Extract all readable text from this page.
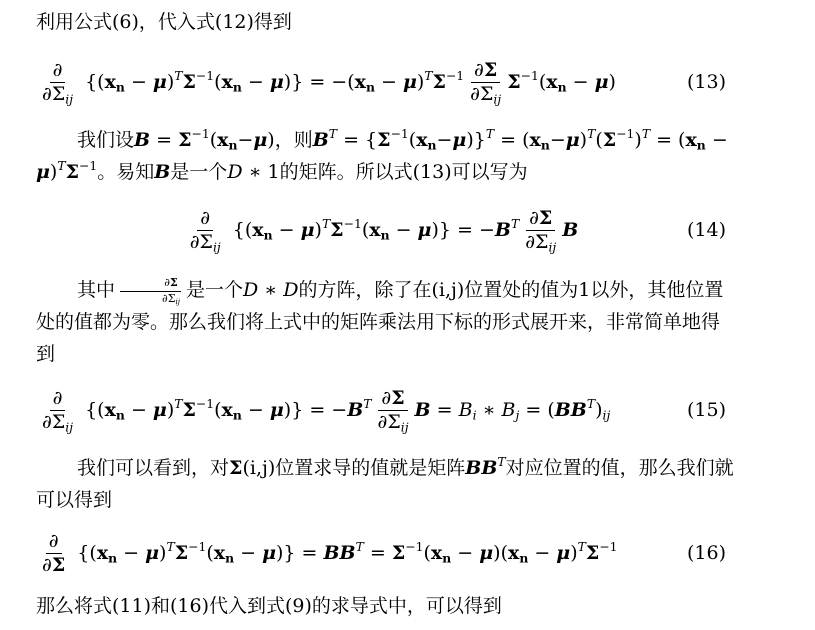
利用公式(6)，代入式(12)得到

$\frac{\partial}{\partial\Sigma_{ij}} \{(x_n - \mu)^T\Sigma^{-1}(x_n - \mu)\} = -(x_n - \mu)^T\Sigma^{-1} \frac{\partial\Sigma}{\partial\Sigma_{ij}} \Sigma^{-1}(x_n - \mu)$	(13)

我们设$B = \Sigma^{-1}(x_n-\mu)$，则$B^T = \{\Sigma^{-1}(x_n-\mu)\}^T = (x_n-\mu)^T(\Sigma^{-1})^T = (x_n - \mu)^T\Sigma^{-1}$。易知B是一个D ∗ 1的矩阵。所以式(13)可以写为

$\frac{\partial}{\partial\Sigma_{ij}} \{(x_n - \mu)^T\Sigma^{-1}(x_n - \mu)\} = -B^T \frac{\partial\Sigma}{\partial\Sigma_{ij}}$ B	(14)

其中 $\frac{\partial\Sigma}{\partial\Sigma_{ij}}$ 是一个D ∗ D的方阵，除了在(i,j)位置处的值为1以外，其他位置处的值都为零。那么我们将上式中的矩阵乘法用下标的形式展开来，非常简单地得到

$\frac{\partial}{\partial\Sigma_{ij}} \{(x_n - \mu)^T\Sigma^{-1}(x_n - \mu)\} = -B^T \frac{\partial\Sigma}{\partial\Sigma_{ij}}$ $B = B_i$ ∗ $B_j = (BB^T)_{ij}$	(15)

我们可以看到，对Σ(i,j)位置求导的值就是矩阵$BB^T$对应位置的值，那么我们就可以得到

$\frac{\partial}{\partial\Sigma} \{(x_n - \mu)^T\Sigma^{-1}(x_n - \mu)\} = BB^T = \Sigma^{-1}(x_n - \mu)(x_n - \mu)^T\Sigma^{-1}$	(16)

那么将式(11)和(16)代入到式(9)的求导式中，可以得到
